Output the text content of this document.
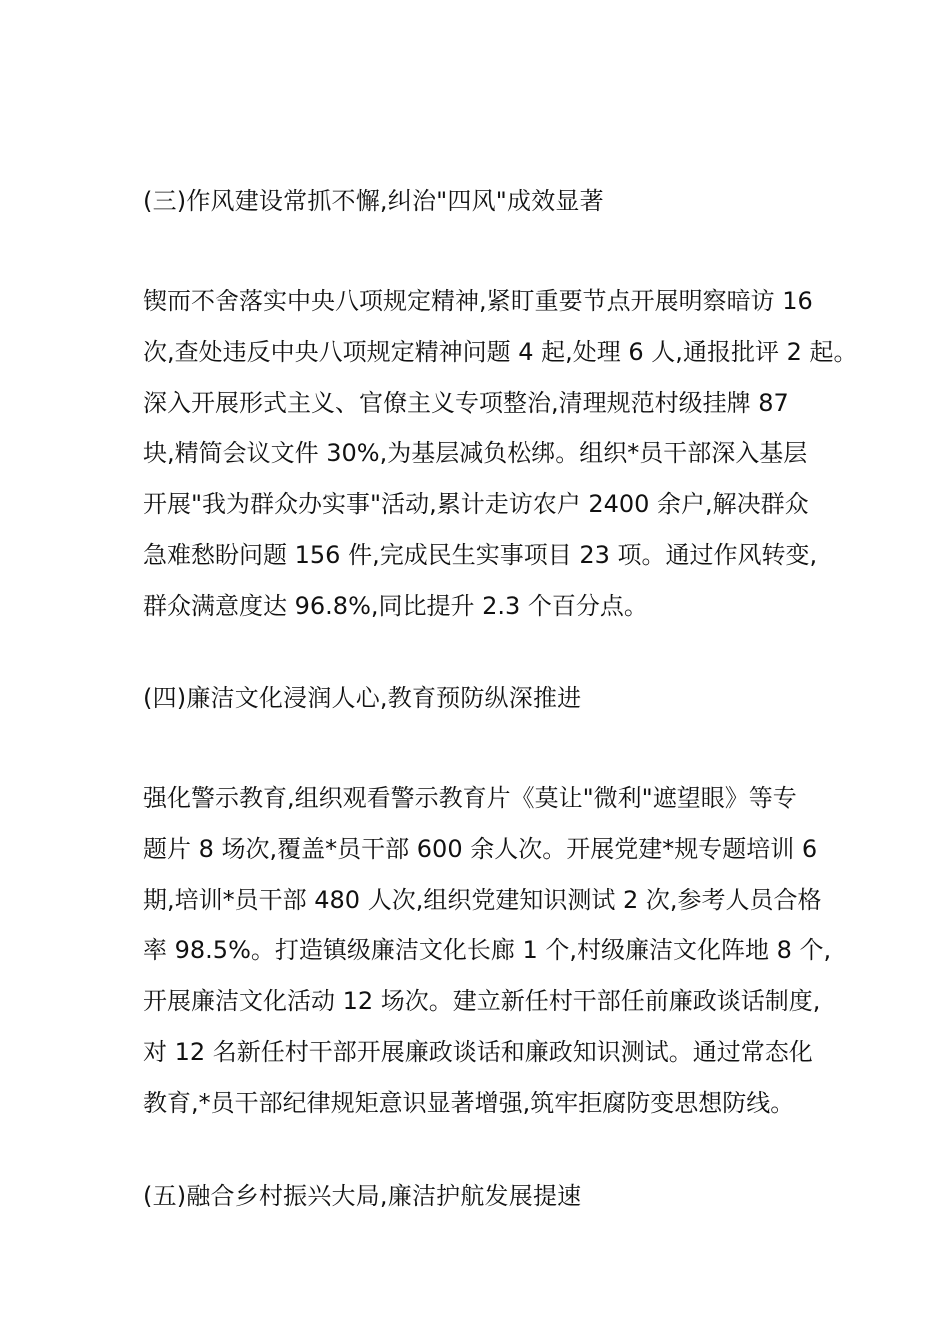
(三)作风建设常抓不懈,纠治"四风"成效显著
锲而不舍落实中央八项规定精神,紧盯重要节点开展明察暗访 16
次,查处违反中央八项规定精神问题 4 起,处理 6 人,通报批评 2 起。
深入开展形式主义、官僚主义专项整治,清理规范村级挂牌 87
块,精简会议文件 30%,为基层减负松绑。组织*员干部深入基层
开展"我为群众办实事"活动,累计走访农户 2400 余户,解决群众
急难愁盼问题 156 件,完成民生实事项目 23 项。通过作风转变,
群众满意度达 96.8%,同比提升 2.3 个百分点。
(四)廉洁文化浸润人心,教育预防纵深推进
强化警示教育,组织观看警示教育片《莫让"微利"遮望眼》等专
题片 8 场次,覆盖*员干部 600 余人次。开展党建*规专题培训 6
期,培训*员干部 480 人次,组织党建知识测试 2 次,参考人员合格
率 98.5%。打造镇级廉洁文化长廊 1 个,村级廉洁文化阵地 8 个,
开展廉洁文化活动 12 场次。建立新任村干部任前廉政谈话制度,
对 12 名新任村干部开展廉政谈话和廉政知识测试。通过常态化
教育,*员干部纪律规矩意识显著增强,筑牢拒腐防变思想防线。
(五)融合乡村振兴大局,廉洁护航发展提速
